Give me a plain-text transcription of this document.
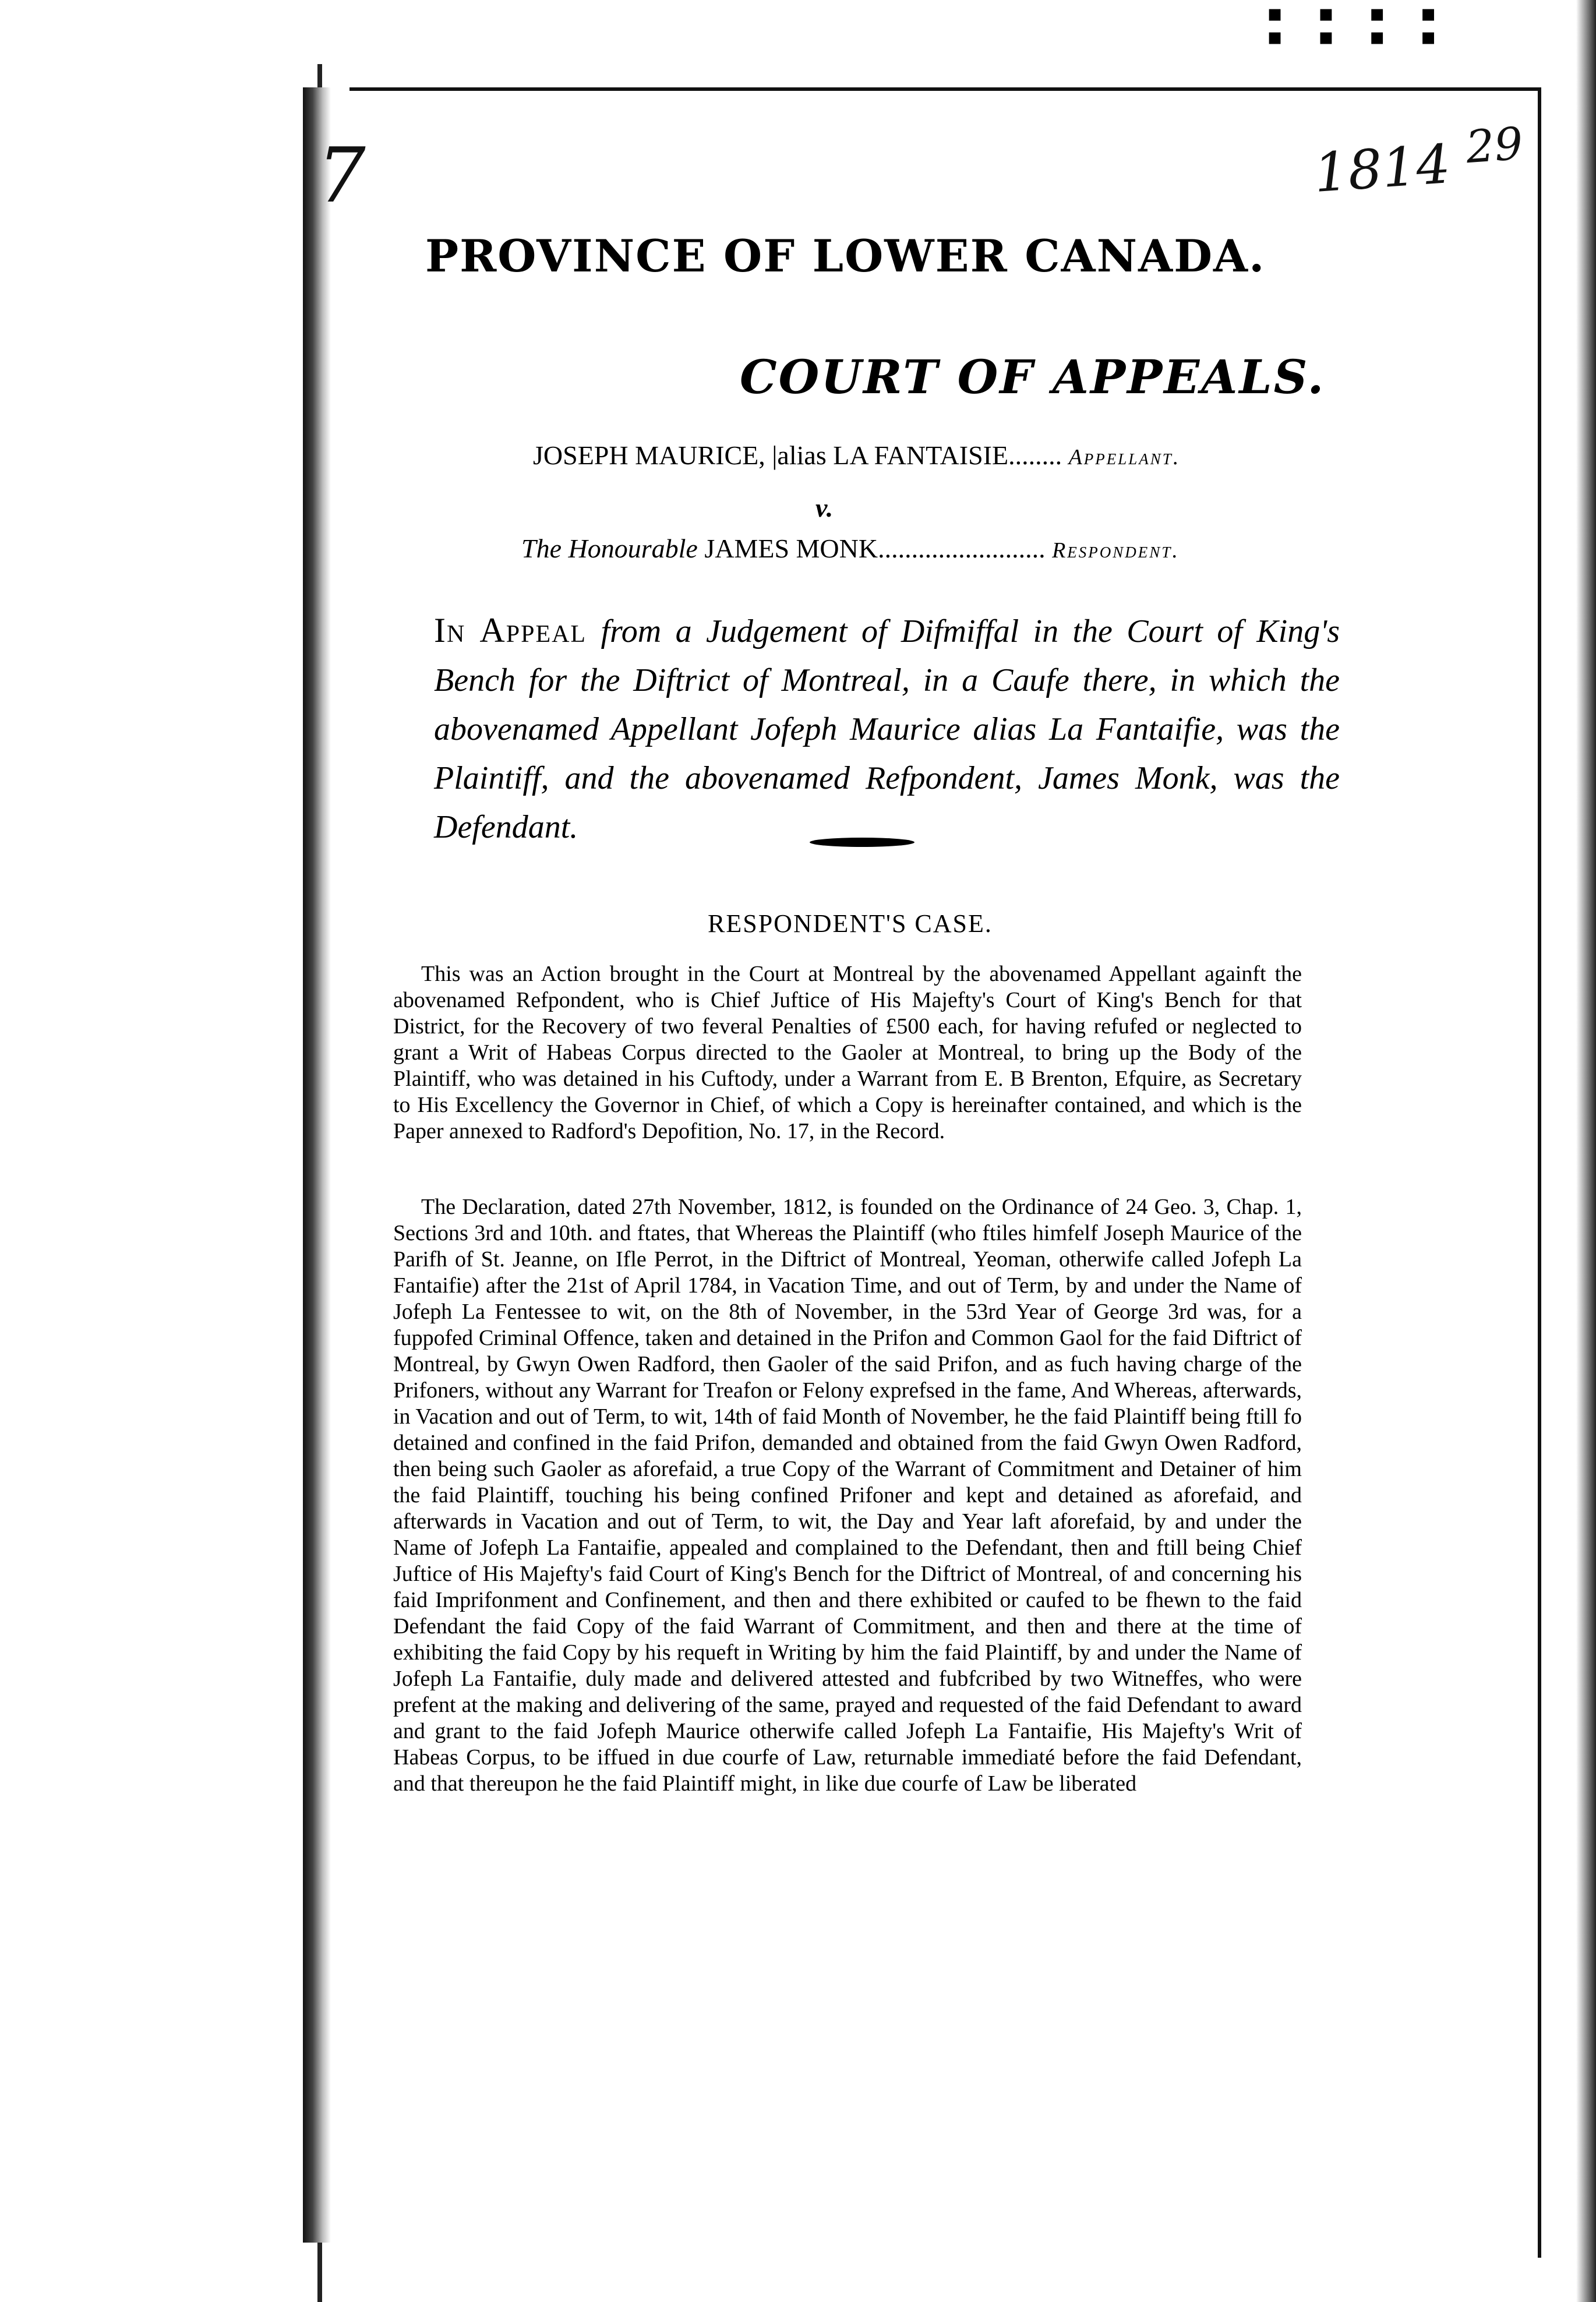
▪ ▪ ▪ ▪
▪ ▪ ▪ ▪
7	1814 $^{29}$
PROVINCE OF LOWER CANADA.
COURT OF APPEALS.
JOSEPH MAURICE, |alias LA FANTAISIE........ Appellant.
v.
The Honourable JAMES MONK......................... Respondent.
In Appeal from a Judgement of Difmiffal in the Court of King's Bench for the Diftrict of Montreal, in a Caufe there, in which the abovenamed Appellant Jofeph Maurice alias La Fantaifie, was the Plaintiff, and the abovenamed Refpondent, James Monk, was the Defendant.
RESPONDENT'S CASE.
This was an Action brought in the Court at Montreal by the abovenamed Appellant againft the abovenamed Refpondent, who is Chief Juftice of His Majefty's Court of King's Bench for that District, for the Recovery of two feveral Penalties of £500 each, for having refufed or neglected to grant a Writ of Habeas Corpus directed to the Gaoler at Montreal, to bring up the Body of the Plaintiff, who was detained in his Cuftody, under a Warrant from E. B Brenton, Efquire, as Secretary to His Excellency the Governor in Chief, of which a Copy is hereinafter contained, and which is the Paper annexed to Radford's Depofition, No. 17, in the Record.
The Declaration, dated 27th November, 1812, is founded on the Ordinance of 24 Geo. 3, Chap. 1, Sections 3rd and 10th. and ftates, that Whereas the Plaintiff (who ftiles himfelf Joseph Maurice of the Parifh of St. Jeanne, on Ifle Perrot, in the Diftrict of Montreal, Yeoman, otherwife called Jofeph La Fantaifie) after the 21st of April 1784, in Vacation Time, and out of Term, by and under the Name of Jofeph La Fentessee to wit, on the 8th of November, in the 53rd Year of George 3rd was, for a fuppofed Criminal Offence, taken and detained in the Prifon and Common Gaol for the faid Diftrict of Montreal, by Gwyn Owen Radford, then Gaoler of the said Prifon, and as fuch having charge of the Prifoners, without any Warrant for Treafon or Felony exprefsed in the fame, And Whereas, afterwards, in Vacation and out of Term, to wit, 14th of faid Month of November, he the faid Plaintiff being ftill fo detained and confined in the faid Prifon, demanded and obtained from the faid Gwyn Owen Radford, then being such Gaoler as aforefaid, a true Copy of the Warrant of Commitment and Detainer of him the faid Plaintiff, touching his being confined Prifoner and kept and detained as aforefaid, and afterwards in Vacation and out of Term, to wit, the Day and Year laft aforefaid, by and under the Name of Jofeph La Fantaifie, appealed and complained to the Defendant, then and ftill being Chief Juftice of His Majefty's faid Court of King's Bench for the Diftrict of Montreal, of and concerning his faid Imprifonment and Confinement, and then and there exhibited or caufed to be fhewn to the faid Defendant the faid Copy of the faid Warrant of Commitment, and then and there at the time of exhibiting the faid Copy by his requeft in Writing by him the faid Plaintiff, by and under the Name of Jofeph La Fantaifie, duly made and delivered attested and fubfcribed by two Witneffes, who were prefent at the making and delivering of the same, prayed and requested of the faid Defendant to award and grant to the faid Jofeph Maurice otherwife called Jofeph La Fantaifie, His Majefty's Writ of Habeas Corpus, to be iffued in due courfe of Law, returnable immediaté before the faid Defendant, and that thereupon he the faid Plaintiff might, in like due courfe of Law be liberated
